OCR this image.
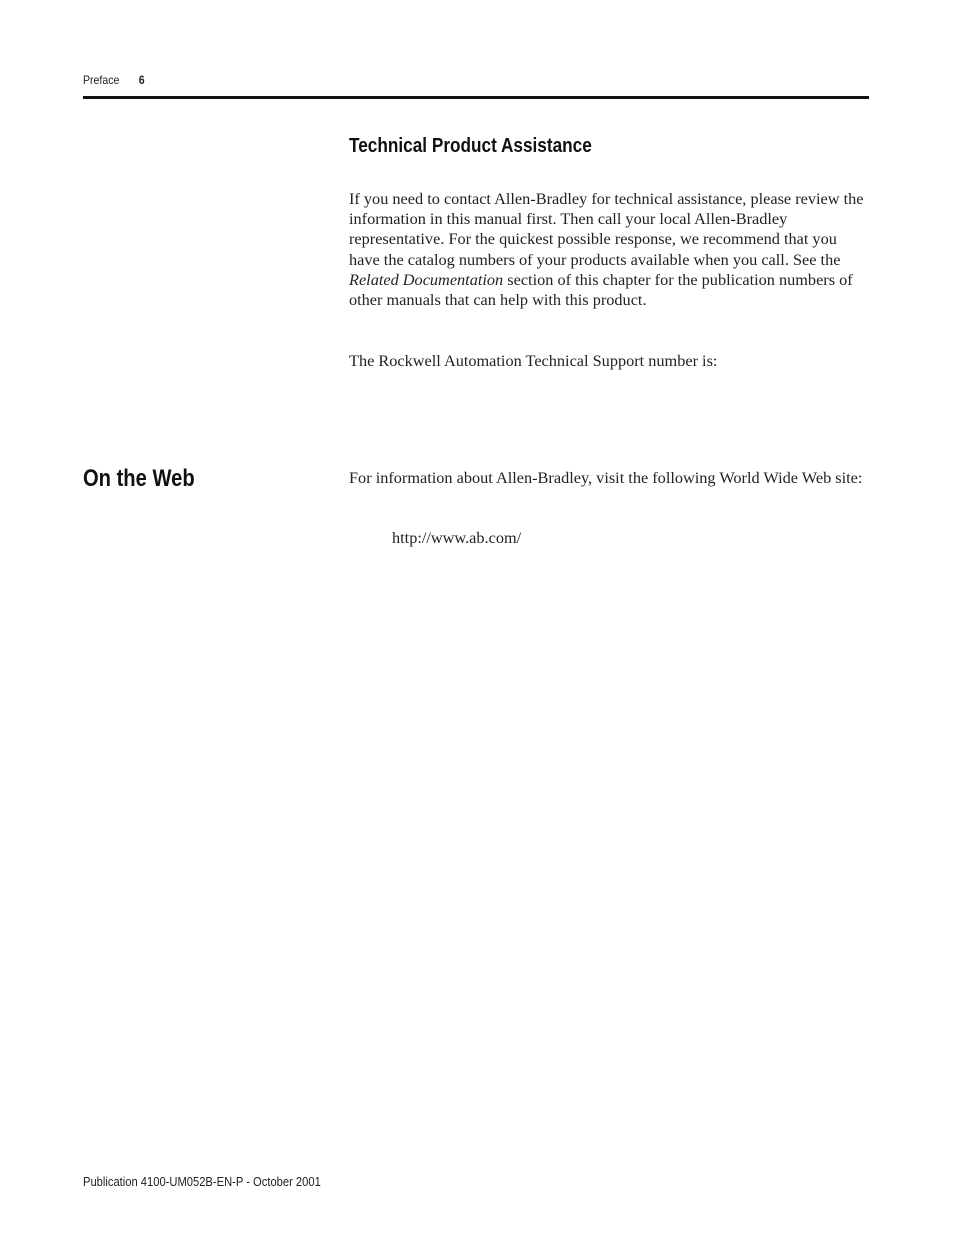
Preface 6
Technical Product Assistance

If you need to contact Allen-Bradley for technical assistance, please review the information in this manual first. Then call your local Allen-Bradley representative. For the quickest possible response, we recommend that you have the catalog numbers of your products available when you call. See the Related Documentation section of this chapter for the publication numbers of other manuals that can help with this product.

The Rockwell Automation Technical Support number is:

On the Web	For information about Allen-Bradley, visit the following World Wide Web site:

http://www.ab.com/

Publication 4100-UM052B-EN-P - October 2001
